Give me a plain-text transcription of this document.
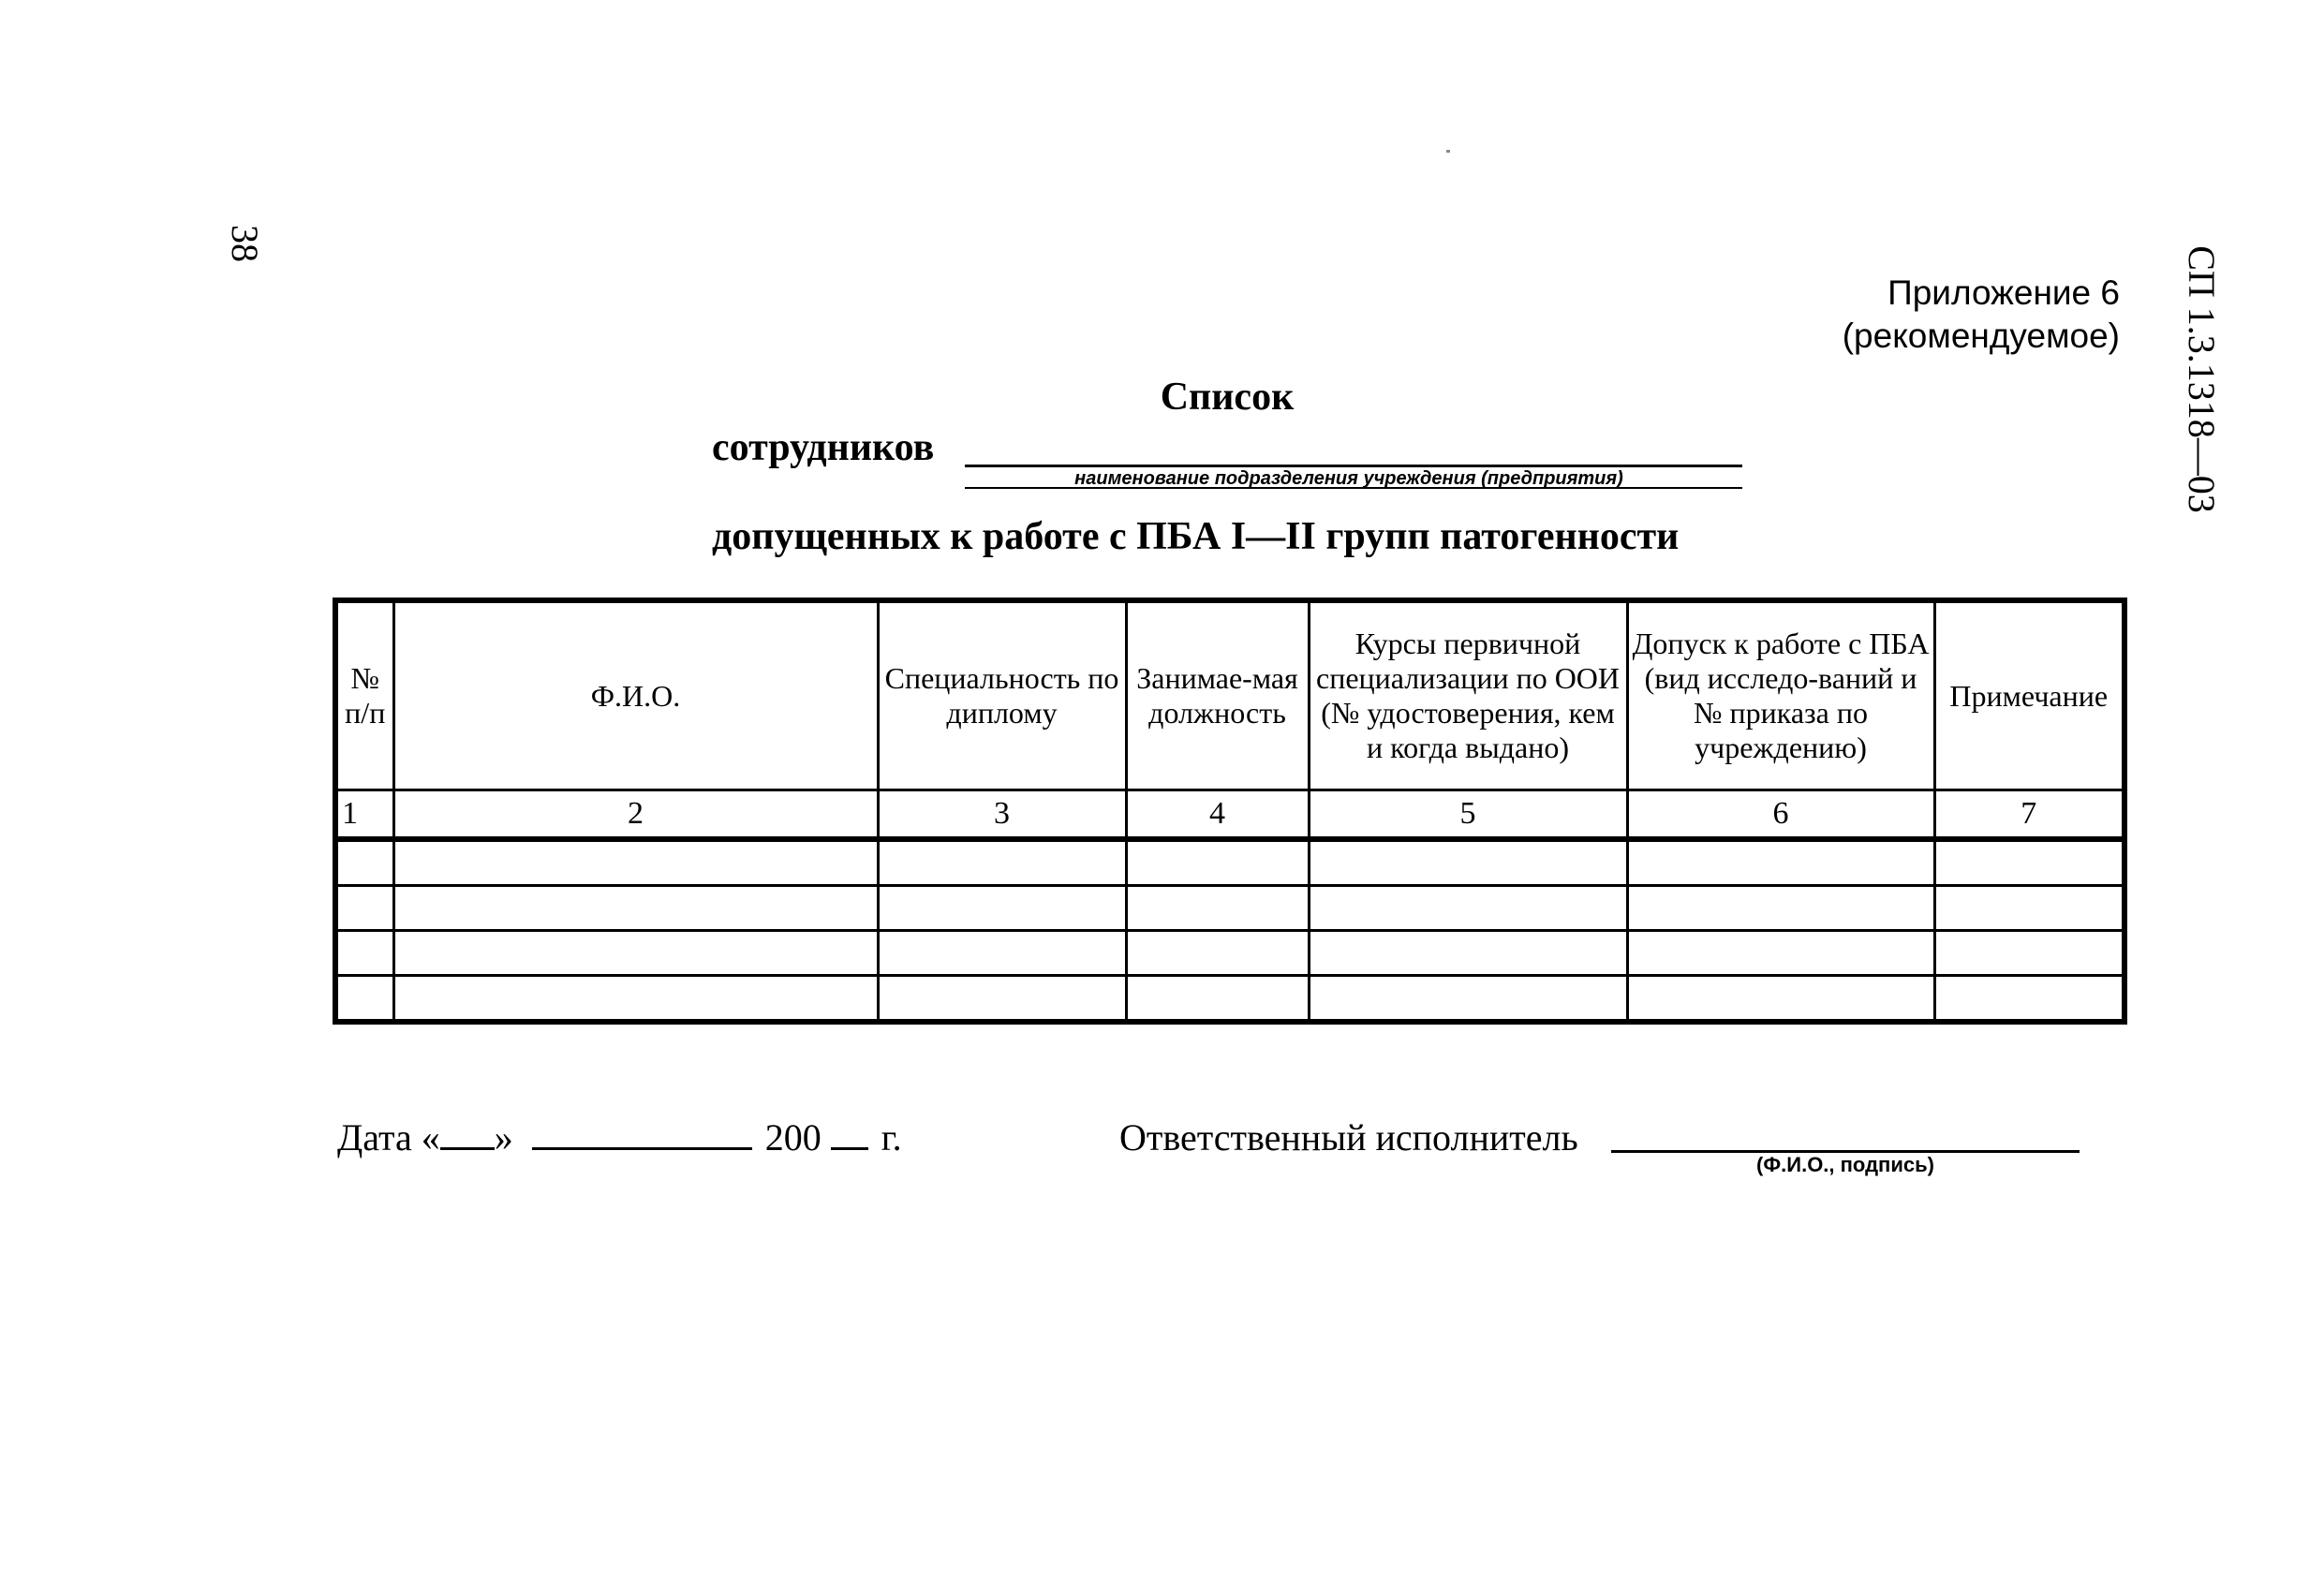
38
СП 1.3.1318—03
Приложение 6
(рекомендуемое)
Список
сотрудников
наименование подразделения учреждения (предприятия)
допущенных к работе с ПБА I—II групп патогенности
№ п/п	Ф.И.О.	Специальность по диплому	Занимае-мая должность	Курсы первичной специализации по ООИ (№ удостоверения, кем и когда выдано)	Допуск к работе с ПБА (вид исследо-ваний и № приказа по учреждению)	Примечание
1	2	3	4	5	6	7

Дата « »	200 г.	Ответственный исполнитель
(Ф.И.О., подпись)
